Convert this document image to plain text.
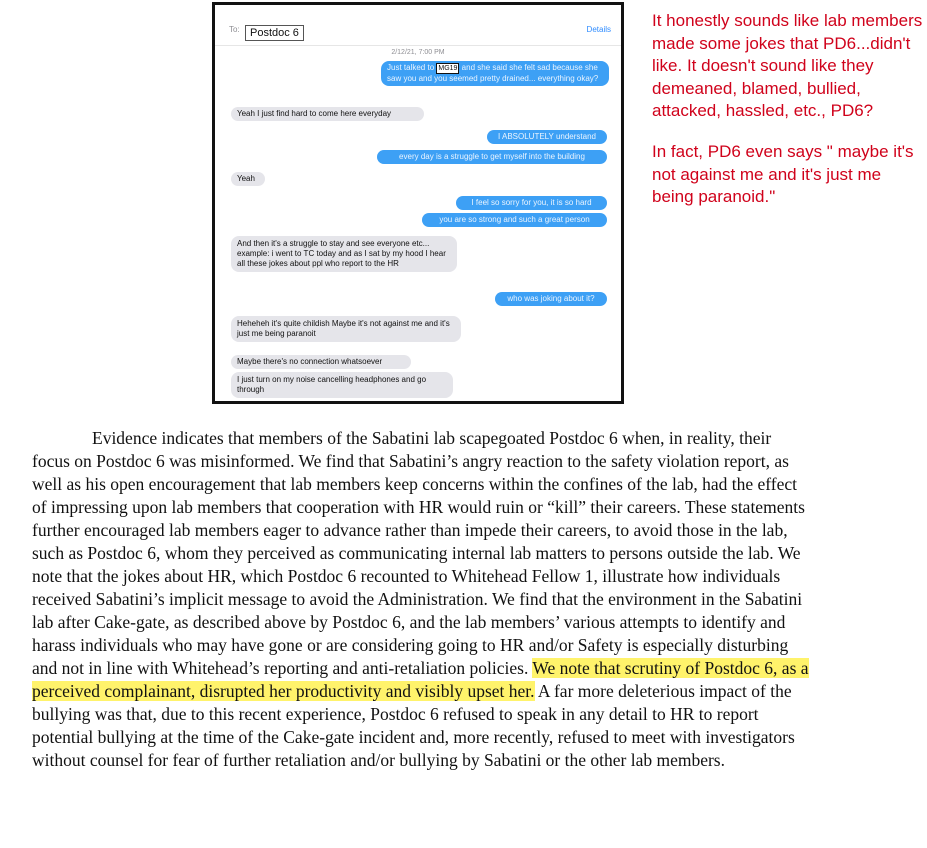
To: Postdoc 6	Details
2/12/21, 7:00 PM
Just talked to MG19 and she said she felt sad because she saw you and you seemed pretty drained... everything okay?
Yeah I just find hard to come here everyday
I ABSOLUTELY understand
every day is a struggle to get myself into the building
Yeah
I feel so sorry for you, it is so hard
you are so strong and such a great person
And then it's a struggle to stay and see everyone etc... example: i went to TC today and as I sat by my hood I hear all these jokes about ppl who report to the HR
who was joking about it?
Heheheh it's quite childish Maybe it's not against me and it's just me being paranoit
Maybe there's no connection whatsoever
I just turn on my noise cancelling headphones and go through

It honestly sounds like lab members made some jokes that PD6...didn't like. It doesn't sound like they demeaned, blamed, bullied, attacked, hassled, etc., PD6?

In fact, PD6 even says " maybe it's not against me and it's just me being paranoid."

Evidence indicates that members of the Sabatini lab scapegoated Postdoc 6 when, in reality, their focus on Postdoc 6 was misinformed. We find that Sabatini’s angry reaction to the safety violation report, as well as his open encouragement that lab members keep concerns within the confines of the lab, had the effect of impressing upon lab members that cooperation with HR would ruin or “kill” their careers. These statements further encouraged lab members eager to advance rather than impede their careers, to avoid those in the lab, such as Postdoc 6, whom they perceived as communicating internal lab matters to persons outside the lab. We note that the jokes about HR, which Postdoc 6 recounted to Whitehead Fellow 1, illustrate how individuals received Sabatini’s implicit message to avoid the Administration. We find that the environment in the Sabatini lab after Cake-gate, as described above by Postdoc 6, and the lab members’ various attempts to identify and harass individuals who may have gone or are considering going to HR and/or Safety is especially disturbing and not in line with Whitehead’s reporting and anti-retaliation policies. We note that scrutiny of Postdoc 6, as a perceived complainant, disrupted her productivity and visibly upset her. A far more deleterious impact of the bullying was that, due to this recent experience, Postdoc 6 refused to speak in any detail to HR to report potential bullying at the time of the Cake-gate incident and, more recently, refused to meet with investigators without counsel for fear of further retaliation and/or bullying by Sabatini or the other lab members.
